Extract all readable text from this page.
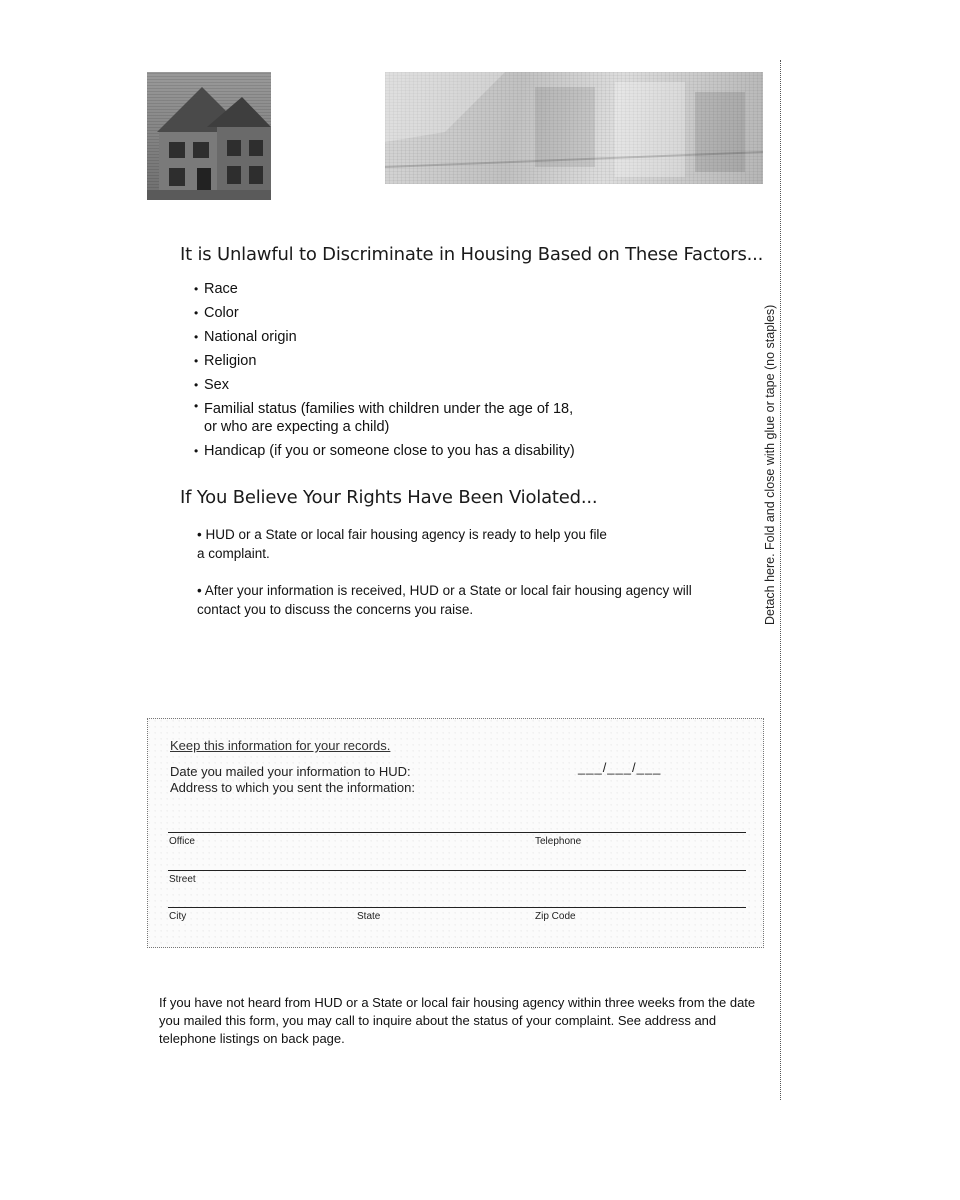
It is Unlawful to Discriminate in Housing Based on These Factors...
• Race
• Color
• National origin
• Religion
• Sex
• Familial status (families with children under the age of 18, or who are expecting a child)
• Handicap (if you or someone close to you has a disability)
If You Believe Your Rights Have Been Violated...
• HUD or a State or local fair housing agency is ready to help you file a complaint.
• After your information is received, HUD or a State or local fair housing agency will contact you to discuss the concerns you raise.	Detach here. Fold and close with glue or tape (no staples)
Keep this information for your records.
Date you mailed your information to HUD:	___/___/___
Address to which you sent the information:
Office	Telephone
Street
City	State	Zip Code
If you have not heard from HUD or a State or local fair housing agency within three weeks from the date you mailed this form, you may call to inquire about the status of your complaint. See address and telephone listings on back page.
